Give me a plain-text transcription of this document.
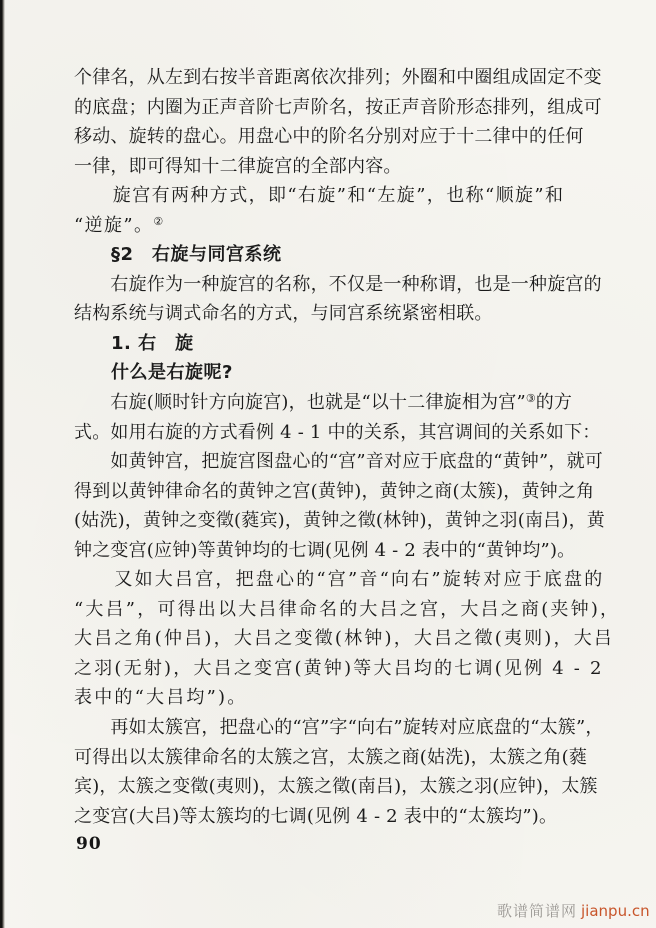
个律名，从左到右按半音距离依次排列；外圈和中圈组成固定不变
的底盘；内圈为正声音阶七声阶名，按正声音阶形态排列，组成可
移动、旋转的盘心。用盘心中的阶名分别对应于十二律中的任何
一律，即可得知十二律旋宫的全部内容。
　　旋宫有两种方式，即“右旋”和“左旋”，也称“顺旋”和
“逆旋”。②
　　§2　右旋与同宫系统
　　右旋作为一种旋宫的名称，不仅是一种称谓，也是一种旋宫的
结构系统与调式命名的方式，与同宫系统紧密相联。
　　1. 右　旋
　　什么是右旋呢?
　　右旋(顺时针方向旋宫)，也就是“以十二律旋相为宫”③的方
式。如用右旋的方式看例 4 - 1 中的关系，其宫调间的关系如下：
　　如黄钟宫，把旋宫图盘心的“宫”音对应于底盘的“黄钟”，就可
得到以黄钟律命名的黄钟之宫(黄钟)，黄钟之商(太簇)，黄钟之角
(姑洗)，黄钟之变徵(蕤宾)，黄钟之徵(林钟)，黄钟之羽(南吕)，黄
钟之变宫(应钟)等黄钟均的七调(见例 4 - 2 表中的“黄钟均”)。
　　又如大吕宫，把盘心的“宫”音“向右”旋转对应于底盘的
“大吕”，可得出以大吕律命名的大吕之宫，大吕之商(夹钟)，
大吕之角(仲吕)，大吕之变徵(林钟)，大吕之徵(夷则)，大吕
之羽(无射)，大吕之变宫(黄钟)等大吕均的七调(见例 4 - 2
表中的“大吕均”)。
　　再如太簇宫，把盘心的“宫”字“向右”旋转对应底盘的“太簇”，
可得出以太簇律命名的太簇之宫，太簇之商(姑洗)，太簇之角(蕤
宾)，太簇之变徵(夷则)，太簇之徵(南吕)，太簇之羽(应钟)，太簇
之变宫(大吕)等太簇均的七调(见例 4 - 2 表中的“太簇均”)。
90
歌谱简谱网 jianpu.cn
